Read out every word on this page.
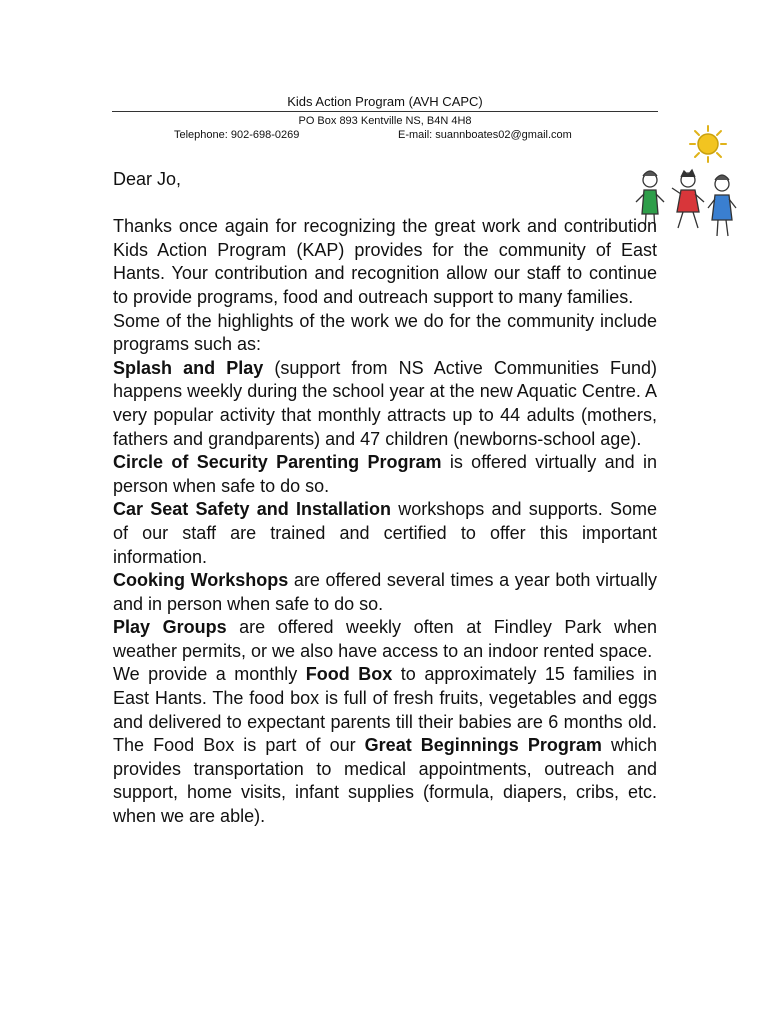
Kids Action Program (AVH CAPC)
PO Box 893 Kentville NS, B4N 4H8
Telephone: 902-698-0269	E-mail: suannboates02@gmail.com
Dear Jo,

Thanks once again for recognizing the great work and contribution Kids Action Program (KAP) provides for the community of East Hants. Your contribution and recognition allow our staff to continue to provide programs, food and outreach support to many families.

Some of the highlights of the work we do for the community include programs such as:

Splash and Play (support from NS Active Communities Fund) happens weekly during the school year at the new Aquatic Centre. A very popular activity that monthly attracts up to 44 adults (mothers, fathers and grandparents) and 47 children (newborns-school age).

Circle of Security Parenting Program is offered virtually and in person when safe to do so.

Car Seat Safety and Installation workshops and supports. Some of our staff are trained and certified to offer this important information.

Cooking Workshops are offered several times a year both virtually and in person when safe to do so.

Play Groups are offered weekly often at Findley Park when weather permits, or we also have access to an indoor rented space.

We provide a monthly Food Box to approximately 15 families in East Hants. The food box is full of fresh fruits, vegetables and eggs and delivered to expectant parents till their babies are 6 months old. The Food Box is part of our Great Beginnings Program which provides transportation to medical appointments, outreach and support, home visits, infant supplies (formula, diapers, cribs, etc. when we are able).
